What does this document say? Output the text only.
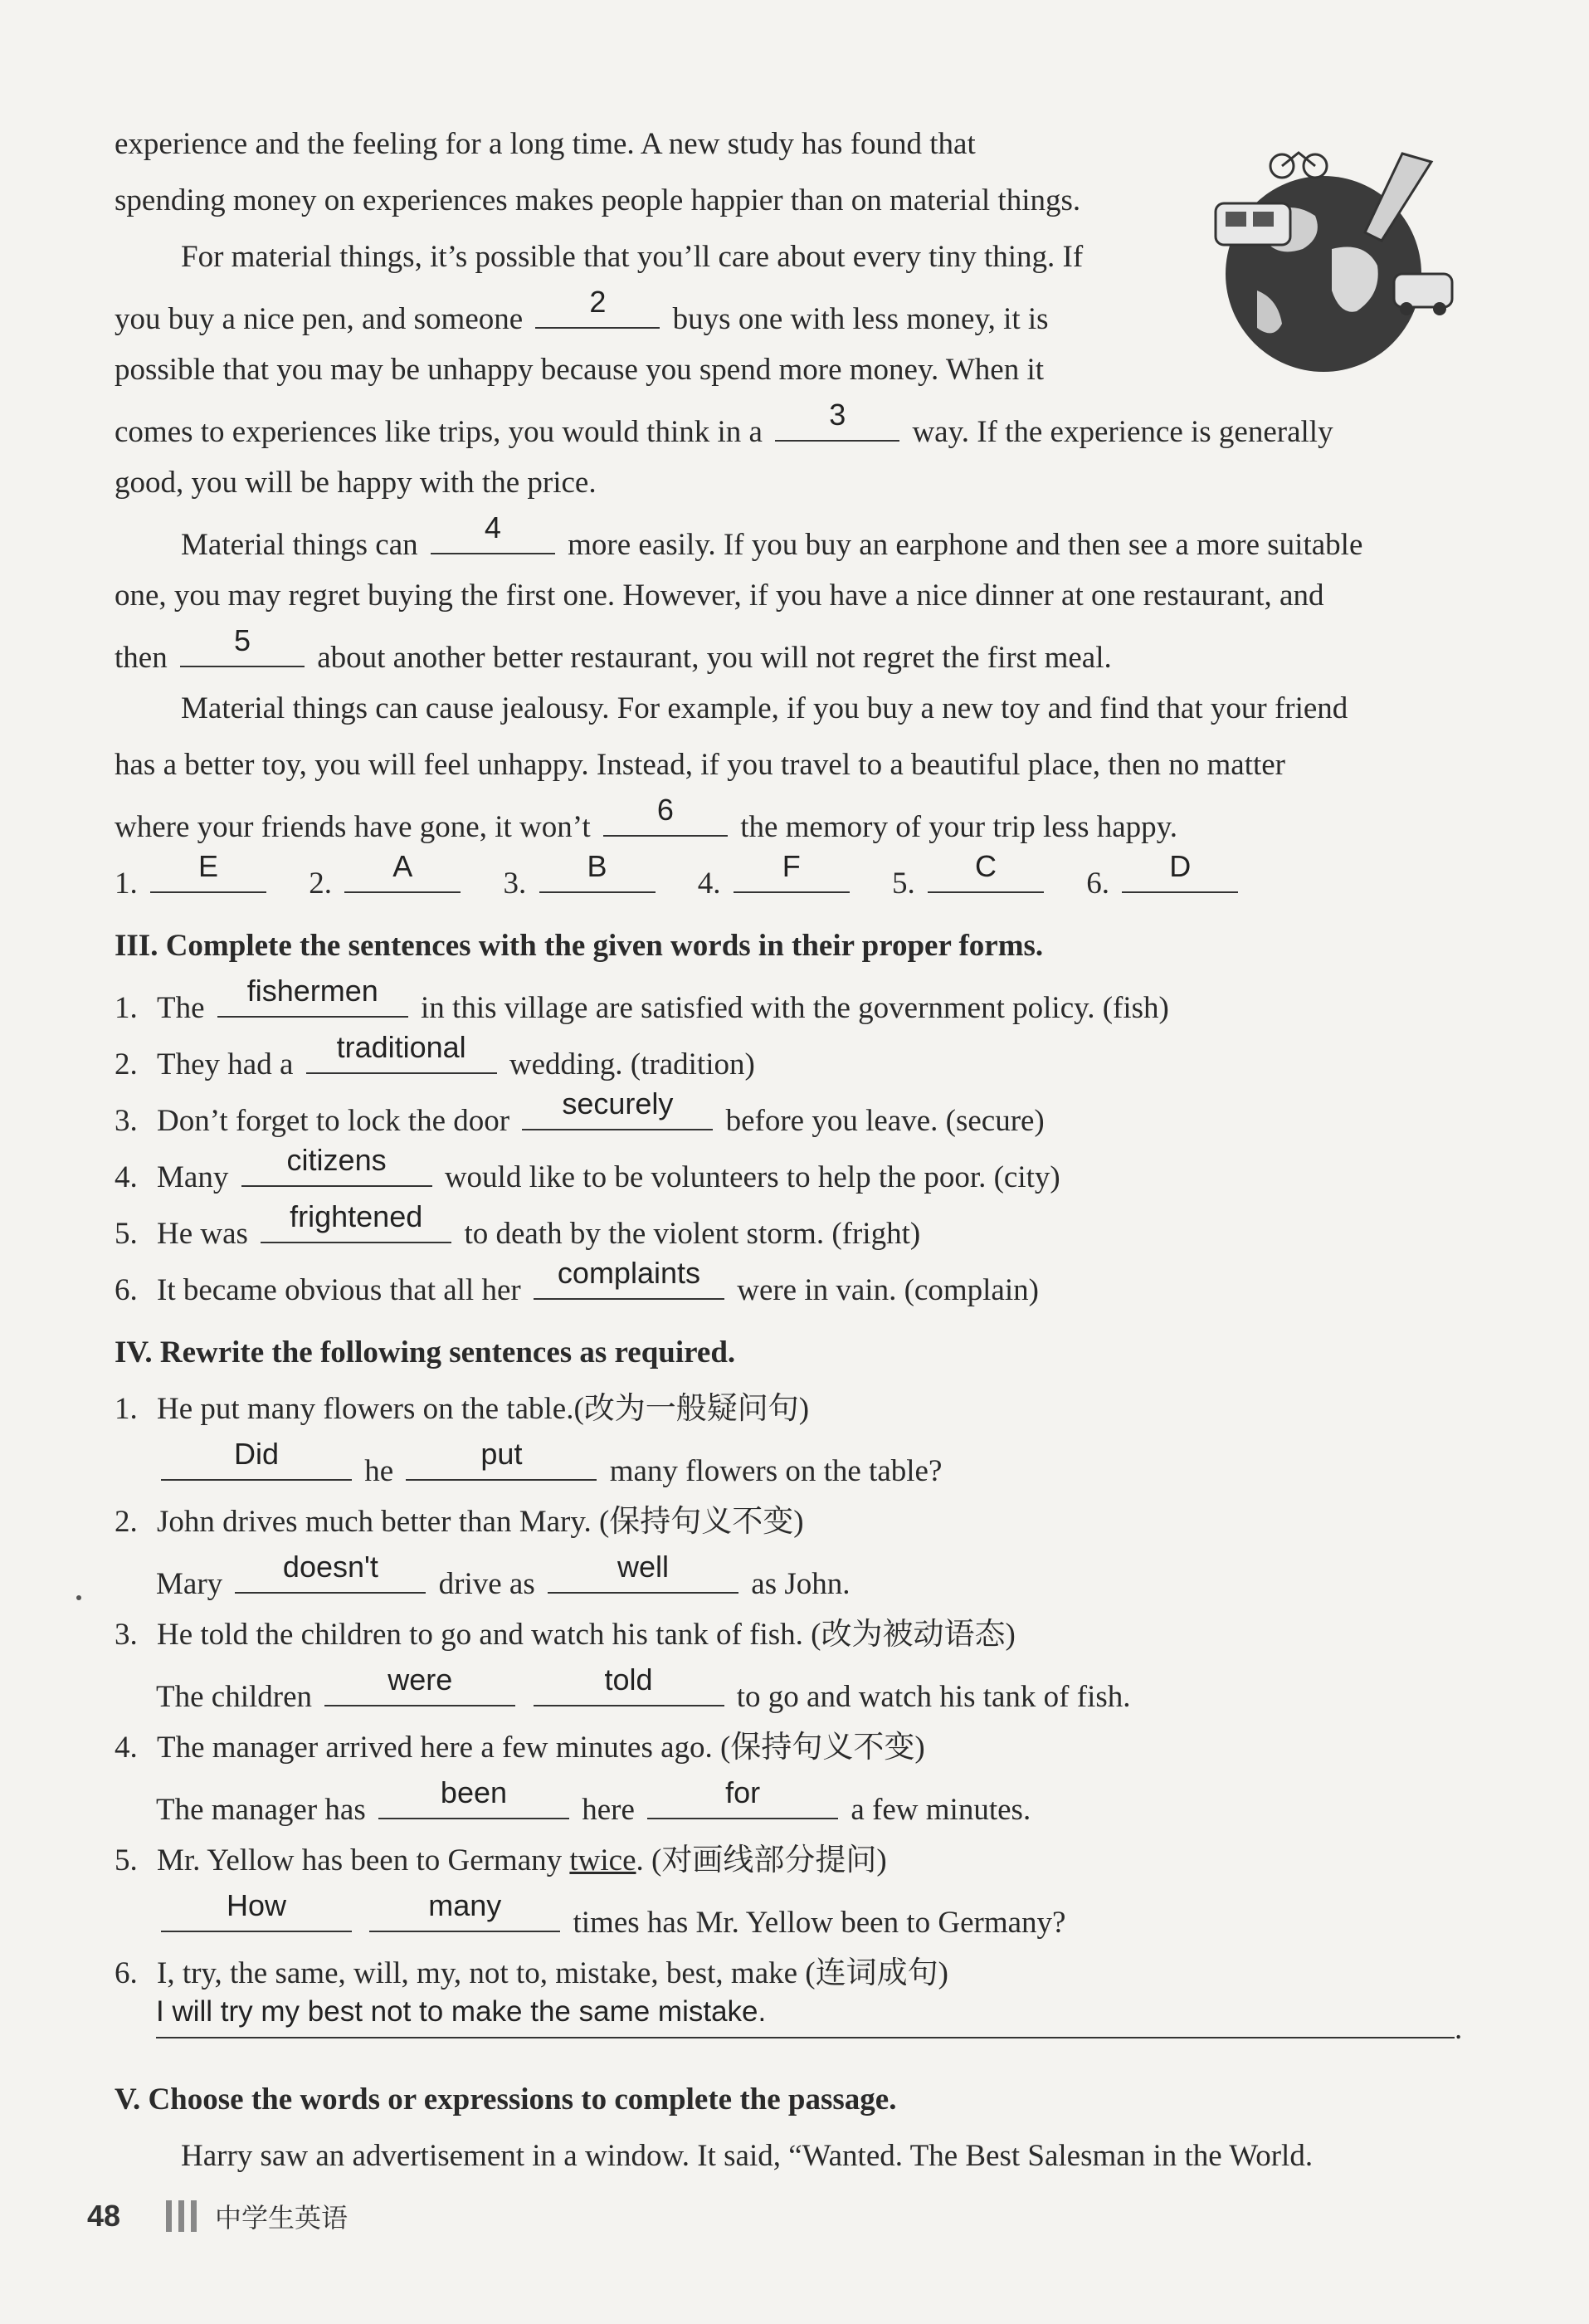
experience and the feeling for a long time. A new study has found that
spending money on experiences makes people happier than on material things.
For material things, it’s possible that you’ll care about every tiny thing. If
you buy a nice pen, and someone
2
buys one with less money, it is
possible that you may be unhappy because you spend more money. When it
comes to experiences like trips, you would think in a
3
way. If the experience is generally
good, you will be happy with the price.
Material things can
4
more easily. If you buy an earphone and then see a more suitable
one, you may regret buying the first one. However, if you have a nice dinner at one restaurant, and
then
5
about another better restaurant, you will not regret the first meal.
Material things can cause jealousy. For example, if you buy a new toy and find that your friend
has a better toy, you will feel unhappy. Instead, if you travel to a beautiful place, then no matter
where your friends have gone, it won’t
6
the memory of your trip less happy.
1.
E
2.
A
3.
B
4.
F
5.
C
6.
D
III. Complete the sentences with the given words in their proper forms.
1. The
fishermen
in this village are satisfied with the government policy. (fish)
2. They had a
traditional
wedding. (tradition)
3. Don’t forget to lock the door
securely
before you leave. (secure)
4. Many
citizens
would like to be volunteers to help the poor. (city)
5. He was
frightened
to death by the violent storm. (fright)
6. It became obvious that all her
complaints
were in vain. (complain)
IV. Rewrite the following sentences as required.
1. He put many flowers on the table.(改为一般疑问句)
Did
he
put
many flowers on the table?
2. John drives much better than Mary. (保持句义不变)
Mary
doesn't
drive as
well
as John.
3. He told the children to go and watch his tank of fish. (改为被动语态)
The children
were
	told
to go and watch his tank of fish.
4. The manager arrived here a few minutes ago. (保持句义不变)
The manager has
been
here
for
a few minutes.
5. Mr. Yellow has been to Germany twice. (对画线部分提问)
How
	many
times has Mr. Yellow been to Germany?
6. I, try, the same, will, my, not to, mistake, best, make (连词成句)
I will try my best not to make the same mistake.
.
V. Choose the words or expressions to complete the passage.
Harry saw an advertisement in a window. It said, “Wanted. The Best Salesman in the World.
48	中学生英语
